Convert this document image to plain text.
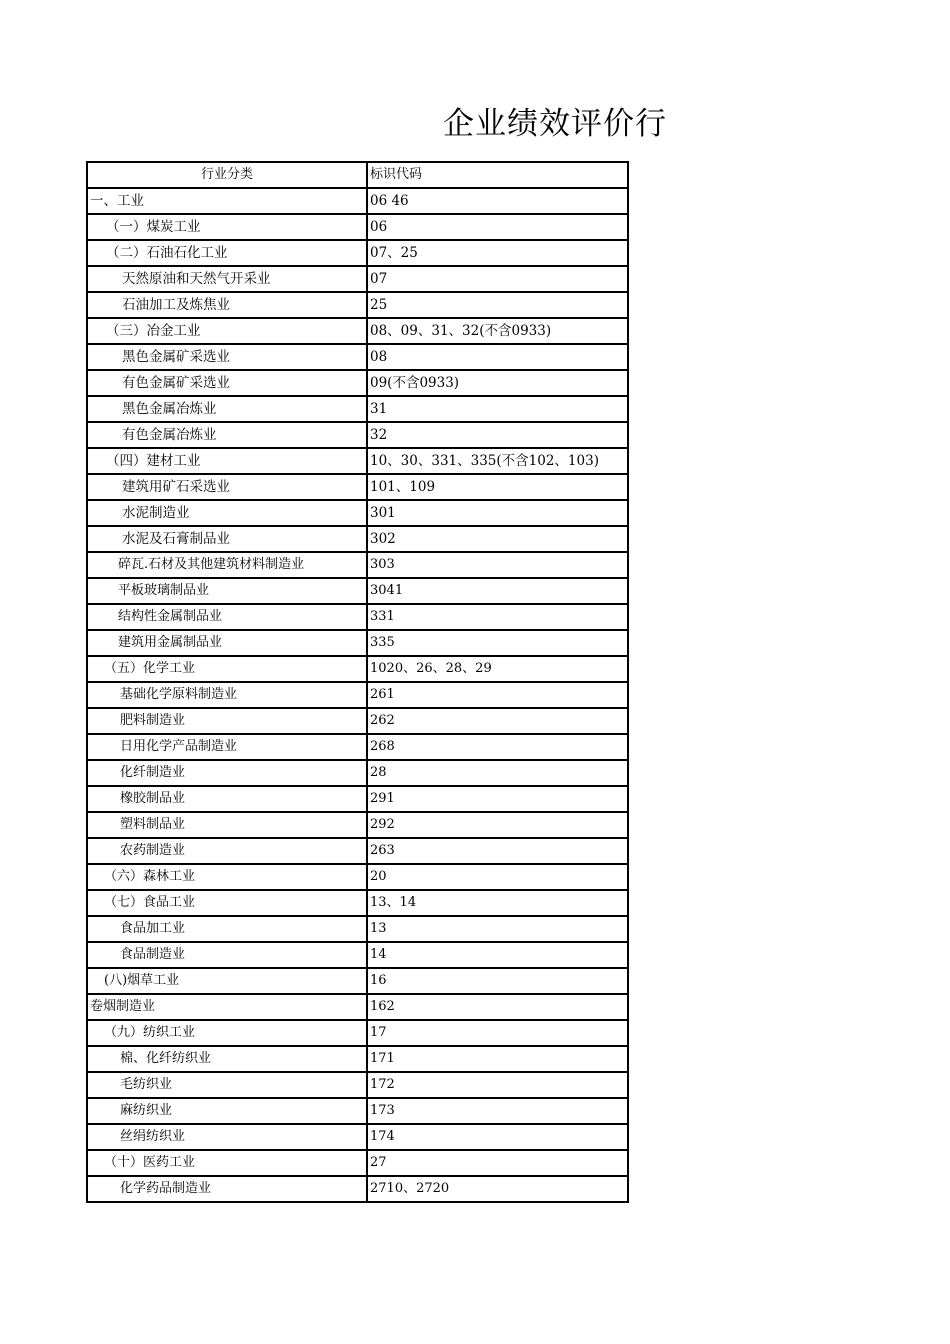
企业绩效评价行
行业分类	标识代码
一、工业	06 46
（一）煤炭工业	06
（二）石油石化工业	07、25
天然原油和天然气开采业	07
石油加工及炼焦业	25
（三）冶金工业	08、09、31、32(不含0933)
黑色金属矿采选业	08
有色金属矿采选业	09(不含0933)
黑色金属冶炼业	31
有色金属冶炼业	32
（四）建材工业	10、30、331、335(不含102、103)
建筑用矿石采选业	101、109
水泥制造业	301
水泥及石膏制品业	302
碎瓦.石材及其他建筑材料制造业	303
平板玻璃制品业	3041
结构性金属制品业	331
建筑用金属制品业	335
（五）化学工业	1020、26、28、29
基础化学原料制造业	261
肥料制造业	262
日用化学产品制造业	268
化纤制造业	28
橡胶制品业	291
塑料制品业	292
农药制造业	263
（六）森林工业	20
（七）食品工业	13、14
食品加工业	13
食品制造业	14
(八)烟草工业	16
卷烟制造业	162
（九）纺织工业	17
棉、化纤纺织业	171
毛纺织业	172
麻纺织业	173
丝绢纺织业	174
（十）医药工业	27
化学药品制造业	2710、2720
